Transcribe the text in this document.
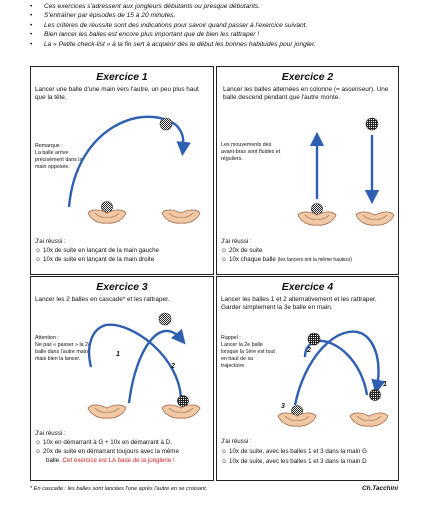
• Ces exercices s'adressent aux jongleurs débutants ou presque débutants.
• S'entraîner par épisodes de 15 à 20 minutes.
• Les critères de réussite sont des indications pour savoir quand passer à l'exercice suivant.
• Bien lancer les balles est encore plus important que de bien les rattraper !
• La « Petite check-list » à la fin sert à acquérir dès le début les bonnes habitudes pour jongler.
Exercice 1
Lancer une balle d'une main vers l'autre, un peu plus haut que la tête.
Remarque :
La balle arrive précisément dans la main opposée.
J'ai réussi :
☺ 10x de suite en lançant de la main gauche
☺ 10x de suite en lançant de la main droite
Exercice 2
Lancer les balles alternées en colonne (= ascenseur). Une balle descend pendant que l'autre monte.
Les mouvements des avant-bras sont fluides et réguliers.
J'ai réussi :
☺ 20x de suite
☺ 10x chaque balle (les lancers ont la même hauteur)
Exercice 3
Lancer les 2 balles en cascade* et les rattraper.
Attention :
Ne pas « passer » la 2e balle dans l'autre main, mais bien la lancer.
1
2
J'ai réussi :
☺ 10x en démarrant à G + 10x en démarrant à D.
☺ 20x de suite en démarrant toujours avec la même
balle. Cet exercice est LA base de la jonglerie !
Exercice 4
Lancer les balles 1 et 2 alternativement et les rattraper. Garder simplement la 3e balle en main.
Rappel :
Lancer la 2e balle lorsque la 1ère est tout en haut de sa trajectoire.
1
2
3
J'ai réussi :
☺ 10x de suite, avec les balles 1 et 3 dans la main G
☺ 10x de suite, avec les balles 1 et 3 dans la main D
* En cascade : les balles sont lancées l'une après l'autre en se croisant.	Ch.Tacchini
